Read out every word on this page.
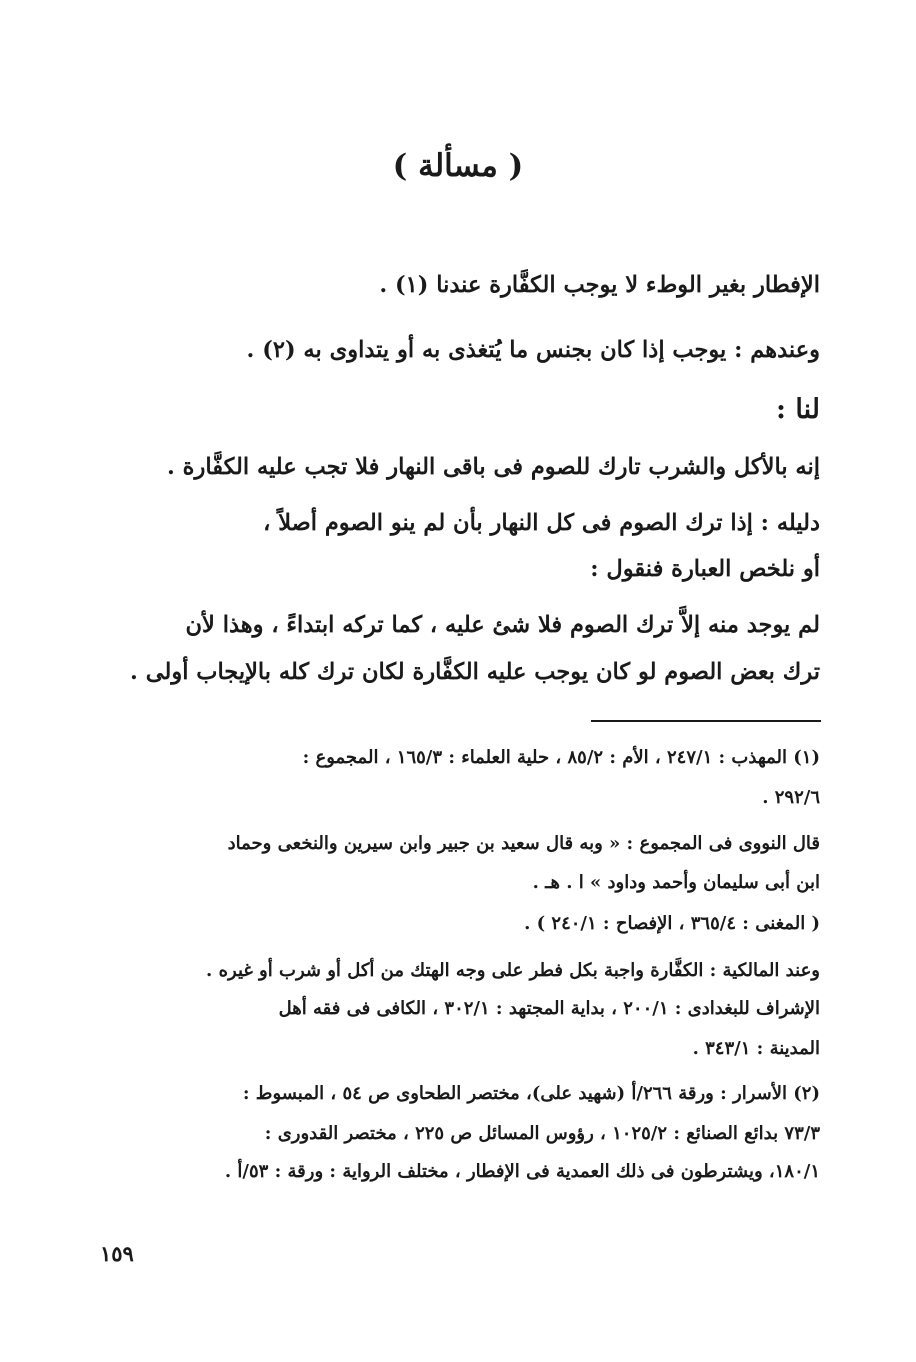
( مسألة )
الإفطار بغير الوطء لا يوجب الكفَّارة عندنا (١) .
وعندهم : يوجب إذا كان بجنس ما يُتغذى به أو يتداوى به (٢) .
لنا :
إنه بالأكل والشرب تارك للصوم فى باقى النهار فلا تجب عليه الكفَّارة .
دليله : إذا ترك الصوم فى كل النهار بأن لم ينو الصوم أصلاً ،
أو نلخص العبارة فنقول :
لم يوجد منه إلاَّ ترك الصوم فلا شئ عليه ، كما تركه ابتداءً ، وهذا لأن
ترك بعض الصوم لو كان يوجب عليه الكفَّارة لكان ترك كله بالإيجاب أولى .
(١) المهذب : ٢٤٧/١ ، الأم : ٨٥/٢ ، حلية العلماء : ١٦٥/٣ ، المجموع :
٢٩٢/٦ .
قال النووى فى المجموع : « وبه قال سعيد بن جبير وابن سيرين والنخعى وحماد
ابن أبى سليمان وأحمد وداود » ا . هـ .
( المغنى : ٣٦٥/٤ ، الإفصاح : ٢٤٠/١ ) .
وعند المالكية : الكفَّارة واجبة بكل فطر على وجه الهتك من أكل أو شرب أو غيره .
الإشراف للبغدادى : ٢٠٠/١ ، بداية المجتهد : ٣٠٢/١ ، الكافى فى فقه أهل
المدينة : ٣٤٣/١ .
(٢) الأسرار : ورقة ٢٦٦/أ (شهيد على)، مختصر الطحاوى ص ٥٤ ، المبسوط :
٧٣/٣ بدائع الصنائع : ١٠٢٥/٢ ، رؤوس المسائل ص ٢٢٥ ، مختصر القدورى :
١٨٠/١، ويشترطون فى ذلك العمدية فى الإفطار ، مختلف الرواية : ورقة : ٥٣/أ .
١٥٩
